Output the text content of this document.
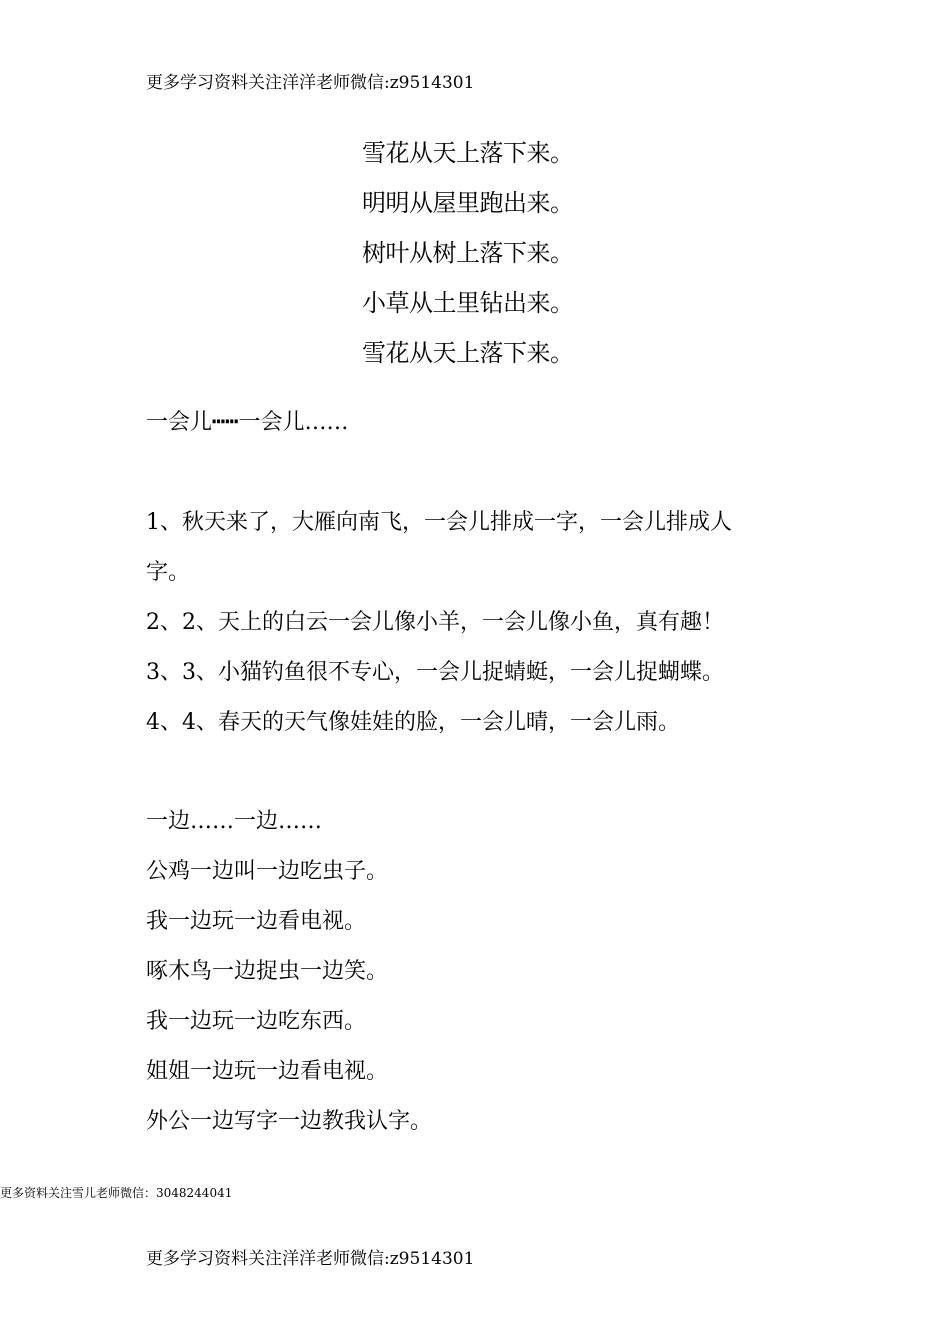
更多学习资料关注洋洋老师微信:z9514301
雪花从天上落下来。
明明从屋里跑出来。
树叶从树上落下来。
小草从土里钻出来。
雪花从天上落下来。
一会儿┅┅一会儿……
1、秋天来了，大雁向南飞，一会儿排成一字，一会儿排成人
字。
2、2、天上的白云一会儿像小羊，一会儿像小鱼，真有趣！
3、3、小猫钓鱼很不专心，一会儿捉蜻蜓，一会儿捉蝴蝶。
4、4、春天的天气像娃娃的脸，一会儿晴，一会儿雨。
一边……一边……
公鸡一边叫一边吃虫子。
我一边玩一边看电视。
啄木鸟一边捉虫一边笑。
我一边玩一边吃东西。
姐姐一边玩一边看电视。
外公一边写字一边教我认字。
更多资料关注雪儿老师微信：3048244041
更多学习资料关注洋洋老师微信:z9514301
